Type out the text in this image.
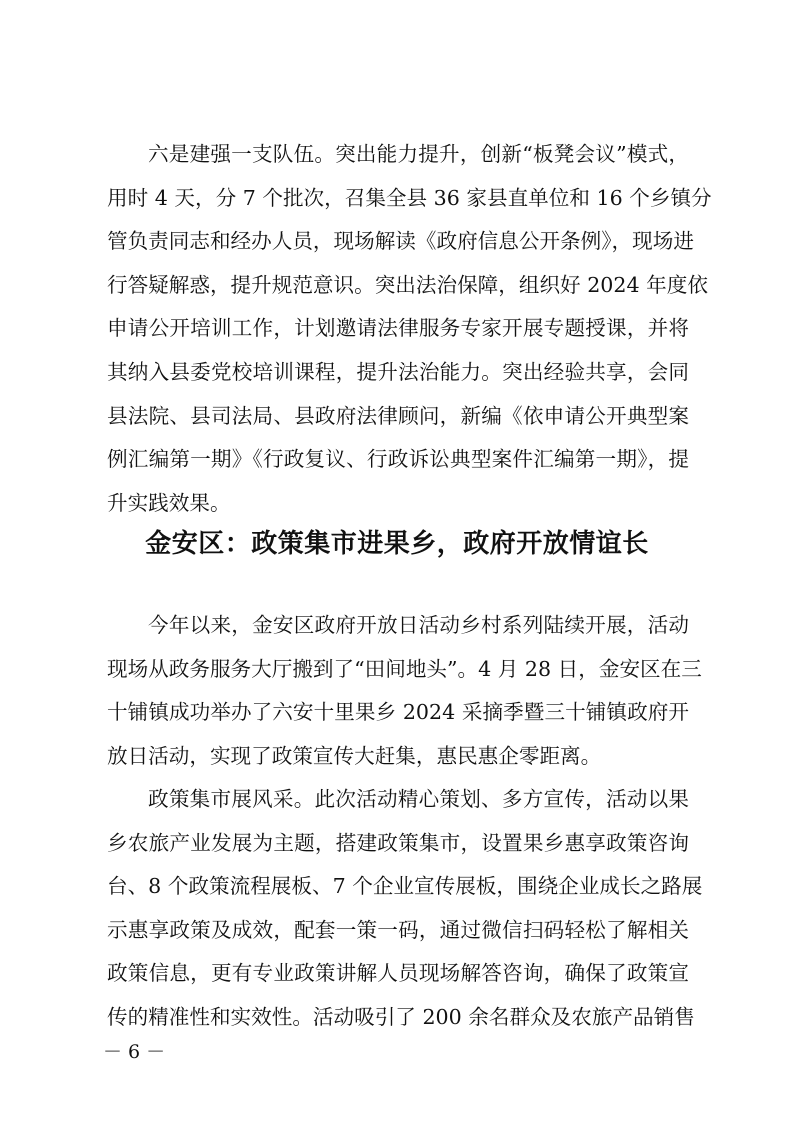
六是建强一支队伍。突出能力提升，创新“板凳会议”模式，
用时 4 天，分 7 个批次，召集全县 36 家县直单位和 16 个乡镇分
管负责同志和经办人员，现场解读《政府信息公开条例》，现场进
行答疑解惑，提升规范意识。突出法治保障，组织好 2024 年度依
申请公开培训工作，计划邀请法律服务专家开展专题授课，并将
其纳入县委党校培训课程，提升法治能力。突出经验共享，会同
县法院、县司法局、县政府法律顾问，新编《依申请公开典型案
例汇编第一期》《行政复议、行政诉讼典型案件汇编第一期》，提
升实践效果。
金安区：政策集市进果乡，政府开放情谊长
今年以来，金安区政府开放日活动乡村系列陆续开展，活动
现场从政务服务大厅搬到了“田间地头”。4 月 28 日，金安区在三
十铺镇成功举办了六安十里果乡 2024 采摘季暨三十铺镇政府开
放日活动，实现了政策宣传大赶集，惠民惠企零距离。
政策集市展风采。此次活动精心策划、多方宣传，活动以果
乡农旅产业发展为主题，搭建政策集市，设置果乡惠享政策咨询
台、8 个政策流程展板、7 个企业宣传展板，围绕企业成长之路展
示惠享政策及成效，配套一策一码，通过微信扫码轻松了解相关
政策信息，更有专业政策讲解人员现场解答咨询，确保了政策宣
传的精准性和实效性。活动吸引了 200 余名群众及农旅产品销售
－ 6 －
